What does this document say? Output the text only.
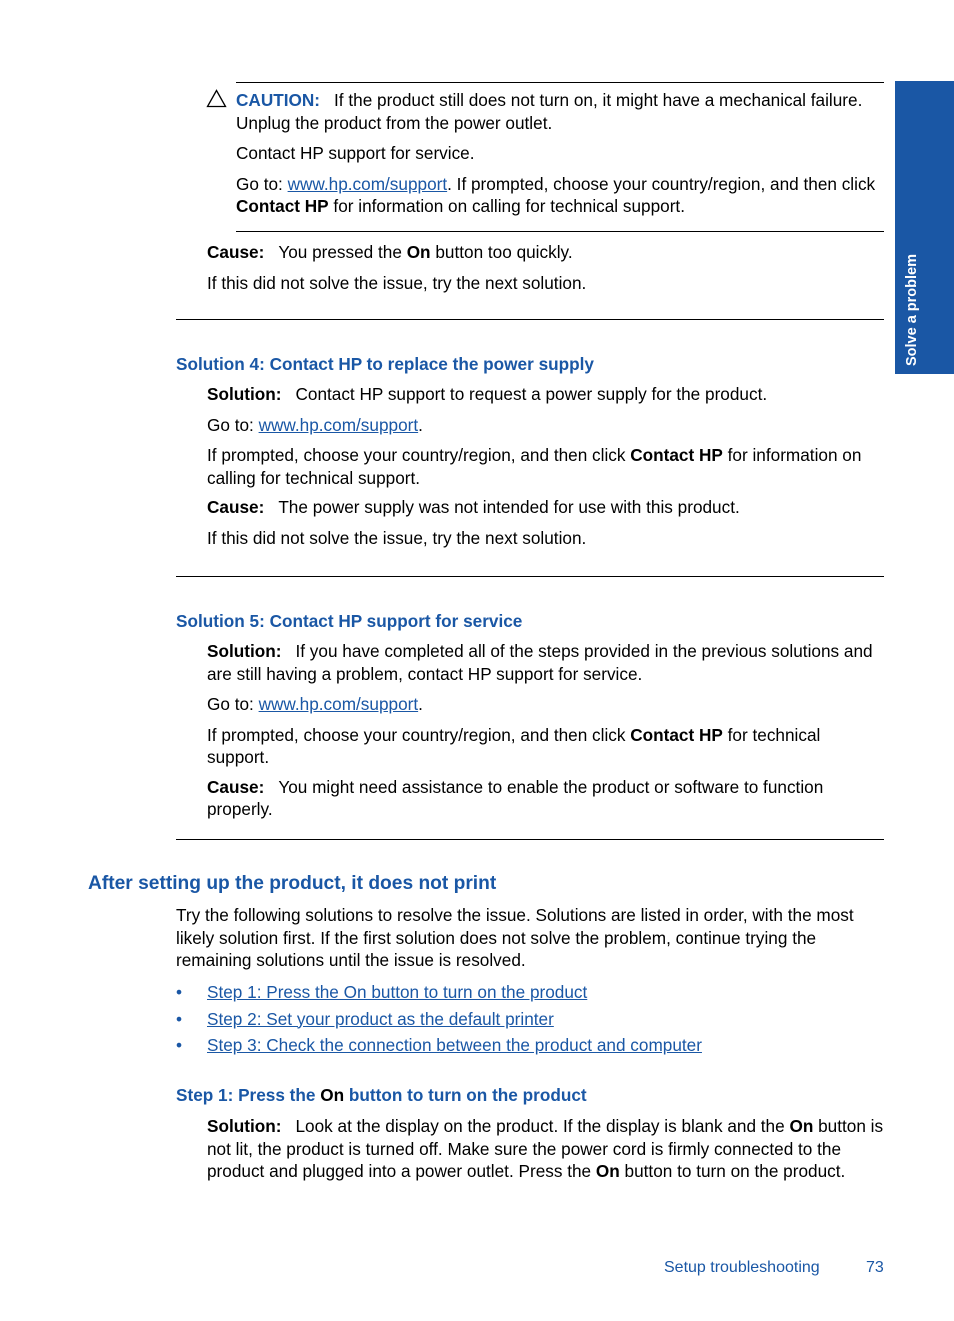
Solve a problem

CAUTION: If the product still does not turn on, it might have a mechanical failure. Unplug the product from the power outlet.

Contact HP support for service.

Go to: www.hp.com/support. If prompted, choose your country/region, and then click Contact HP for information on calling for technical support.

Cause: You pressed the On button too quickly.

If this did not solve the issue, try the next solution.

Solution 4: Contact HP to replace the power supply

Solution: Contact HP support to request a power supply for the product.

Go to: www.hp.com/support.

If prompted, choose your country/region, and then click Contact HP for information on calling for technical support.

Cause: The power supply was not intended for use with this product.

If this did not solve the issue, try the next solution.

Solution 5: Contact HP support for service

Solution: If you have completed all of the steps provided in the previous solutions and are still having a problem, contact HP support for service.

Go to: www.hp.com/support.

If prompted, choose your country/region, and then click Contact HP for technical support.

Cause: You might need assistance to enable the product or software to function properly.

After setting up the product, it does not print
Try the following solutions to resolve the issue. Solutions are listed in order, with the most likely solution first. If the first solution does not solve the problem, continue trying the remaining solutions until the issue is resolved.
• Step 1: Press the On button to turn on the product
• Step 2: Set your product as the default printer
• Step 3: Check the connection between the product and computer
Step 1: Press the On button to turn on the product

Solution: Look at the display on the product. If the display is blank and the On button is not lit, the product is turned off. Make sure the power cord is firmly connected to the product and plugged into a power outlet. Press the On button to turn on the product.

Setup troubleshooting	73
